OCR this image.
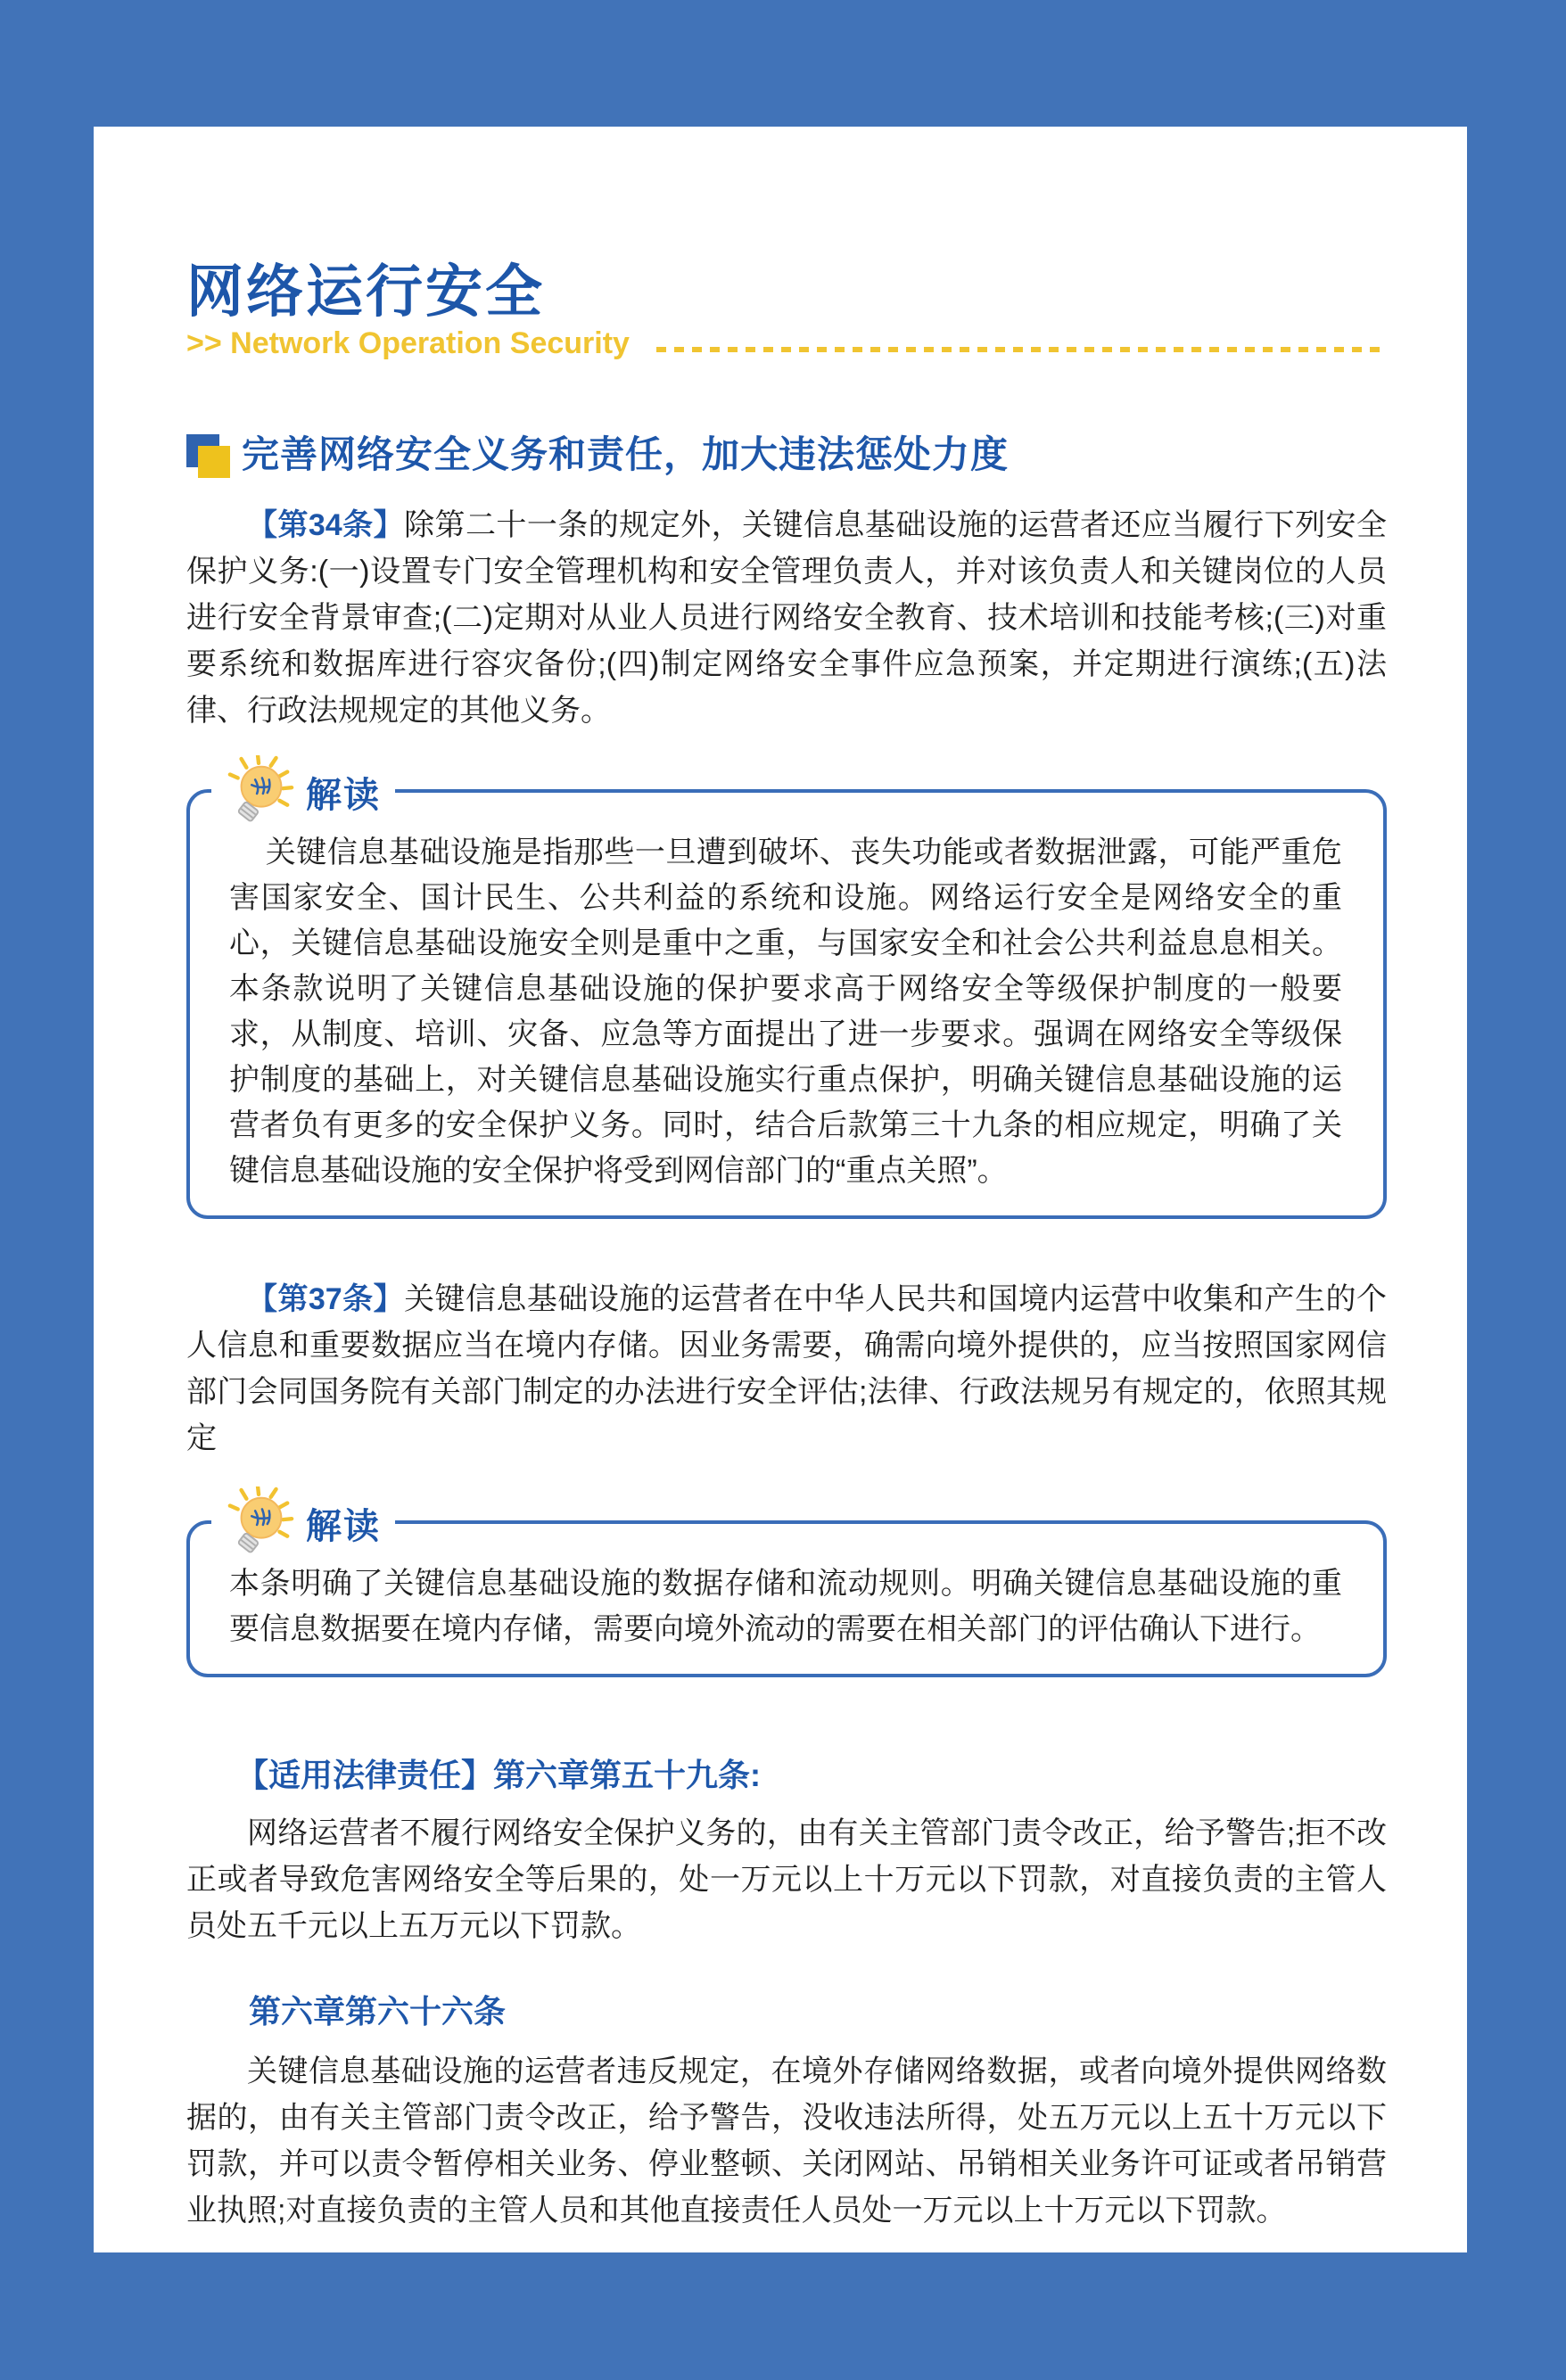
网络运行安全
>> Network Operation Security
完善网络安全义务和责任，加大违法惩处力度

【第34条】除第二十一条的规定外，关键信息基础设施的运营者还应当履行下列安全保护义务:(一)设置专门安全管理机构和安全管理负责人，并对该负责人和关键岗位的人员进行安全背景审查;(二)定期对从业人员进行网络安全教育、技术培训和技能考核;(三)对重要系统和数据库进行容灾备份;(四)制定网络安全事件应急预案，并定期进行演练;(五)法律、行政法规规定的其他义务。

解读

关键信息基础设施是指那些一旦遭到破坏、丧失功能或者数据泄露，可能严重危害国家安全、国计民生、公共利益的系统和设施。网络运行安全是网络安全的重心，关键信息基础设施安全则是重中之重，与国家安全和社会公共利益息息相关。本条款说明了关键信息基础设施的保护要求高于网络安全等级保护制度的一般要求，从制度、培训、灾备、应急等方面提出了进一步要求。强调在网络安全等级保护制度的基础上，对关键信息基础设施实行重点保护，明确关键信息基础设施的运营者负有更多的安全保护义务。同时，结合后款第三十九条的相应规定，明确了关键信息基础设施的安全保护将受到网信部门的“重点关照”。

【第37条】关键信息基础设施的运营者在中华人民共和国境内运营中收集和产生的个人信息和重要数据应当在境内存储。因业务需要，确需向境外提供的，应当按照国家网信部门会同国务院有关部门制定的办法进行安全评估;法律、行政法规另有规定的，依照其规定

解读

本条明确了关键信息基础设施的数据存储和流动规则。明确关键信息基础设施的重要信息数据要在境内存储，需要向境外流动的需要在相关部门的评估确认下进行。

【适用法律责任】第六章第五十九条:

网络运营者不履行网络安全保护义务的，由有关主管部门责令改正，给予警告;拒不改正或者导致危害网络安全等后果的，处一万元以上十万元以下罚款，对直接负责的主管人员处五千元以上五万元以下罚款。

第六章第六十六条

关键信息基础设施的运营者违反规定，在境外存储网络数据，或者向境外提供网络数据的，由有关主管部门责令改正，给予警告，没收违法所得，处五万元以上五十万元以下罚款，并可以责令暂停相关业务、停业整顿、关闭网站、吊销相关业务许可证或者吊销营业执照;对直接负责的主管人员和其他直接责任人员处一万元以上十万元以下罚款。
